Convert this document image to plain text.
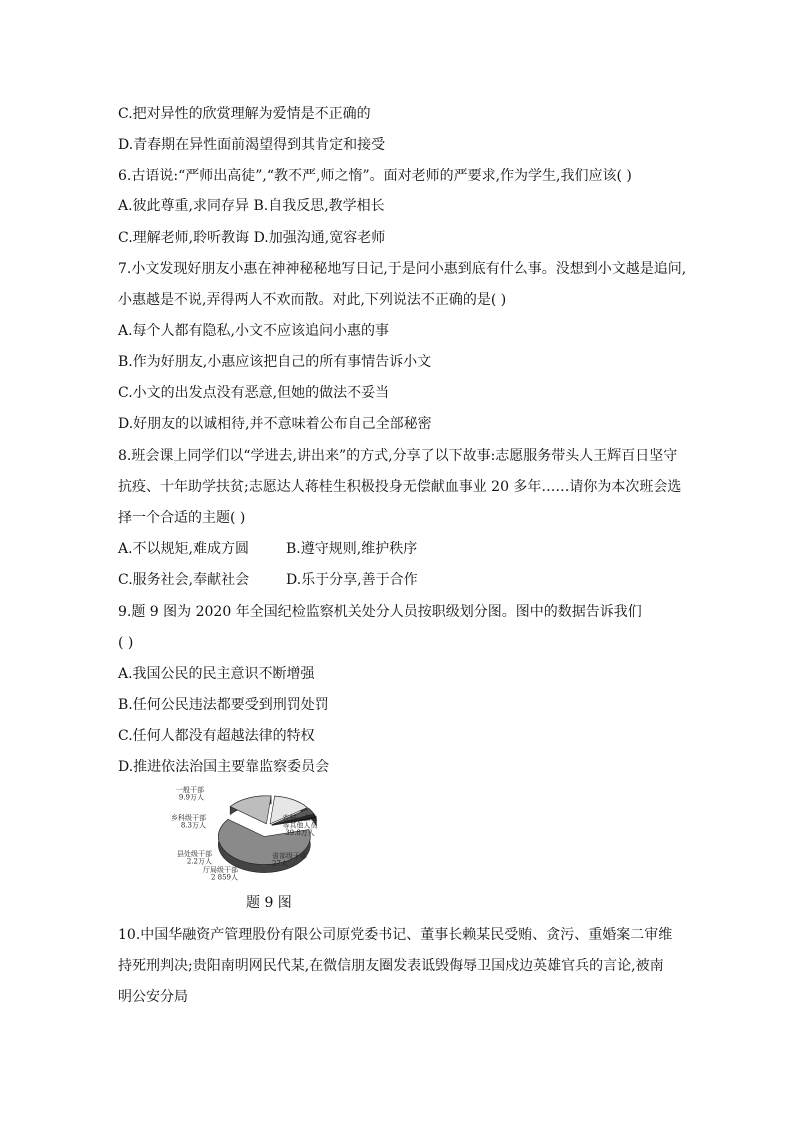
C.把对异性的欣赏理解为爱情是不正确的
D.青春期在异性面前渴望得到其肯定和接受
6.古语说:“严师出高徒”,“教不严,师之惰”。面对老师的严要求,作为学生,我们应该( )
A.彼此尊重,求同存异 B.自我反思,教学相长
C.理解老师,聆听教诲 D.加强沟通,宽容老师
7.小文发现好朋友小惠在神神秘秘地写日记,于是问小惠到底有什么事。没想到小文越是追问,
小惠越是不说,弄得两人不欢而散。对此,下列说法不正确的是( )
A.每个人都有隐私,小文不应该追问小惠的事
B.作为好朋友,小惠应该把自己的所有事情告诉小文
C.小文的出发点没有恶意,但她的做法不妥当
D.好朋友的以诚相待,并不意味着公布自己全部秘密
8.班会课上同学们以“学进去,讲出来”的方式,分享了以下故事:志愿服务带头人王辉百日坚守
抗疫、十年助学扶贫;志愿达人蒋桂生积极投身无偿献血事业 20 多年……请你为本次班会选
择一个合适的主题( )
A.不以规矩,难成方圆	B.遵守规则,维护秩序
C.服务社会,奉献社会	D.乐于分享,善于合作
9.题 9 图为 2020 年全国纪检监察机关处分人员按职级划分图。图中的数据告诉我们
( )
A.我国公民的民主意识不断增强
B.任何公民违法都要受到刑罚处罚
C.任何人都没有超越法律的特权
D.推进依法治国主要靠监察委员会
农村、企业
等其他人员
39.8万人
一般干部
9.9万人
乡科级干部
8.3万人
县处级干部
2.2万人
厅局级干部
2 859人
省部级干部
27人
题 9 图
10.中国华融资产管理股份有限公司原党委书记、董事长赖某民受贿、贪污、重婚案二审维
持死刑判决;贵阳南明网民代某,在微信朋友圈发表诋毁侮辱卫国戍边英雄官兵的言论,被南
明公安分局
